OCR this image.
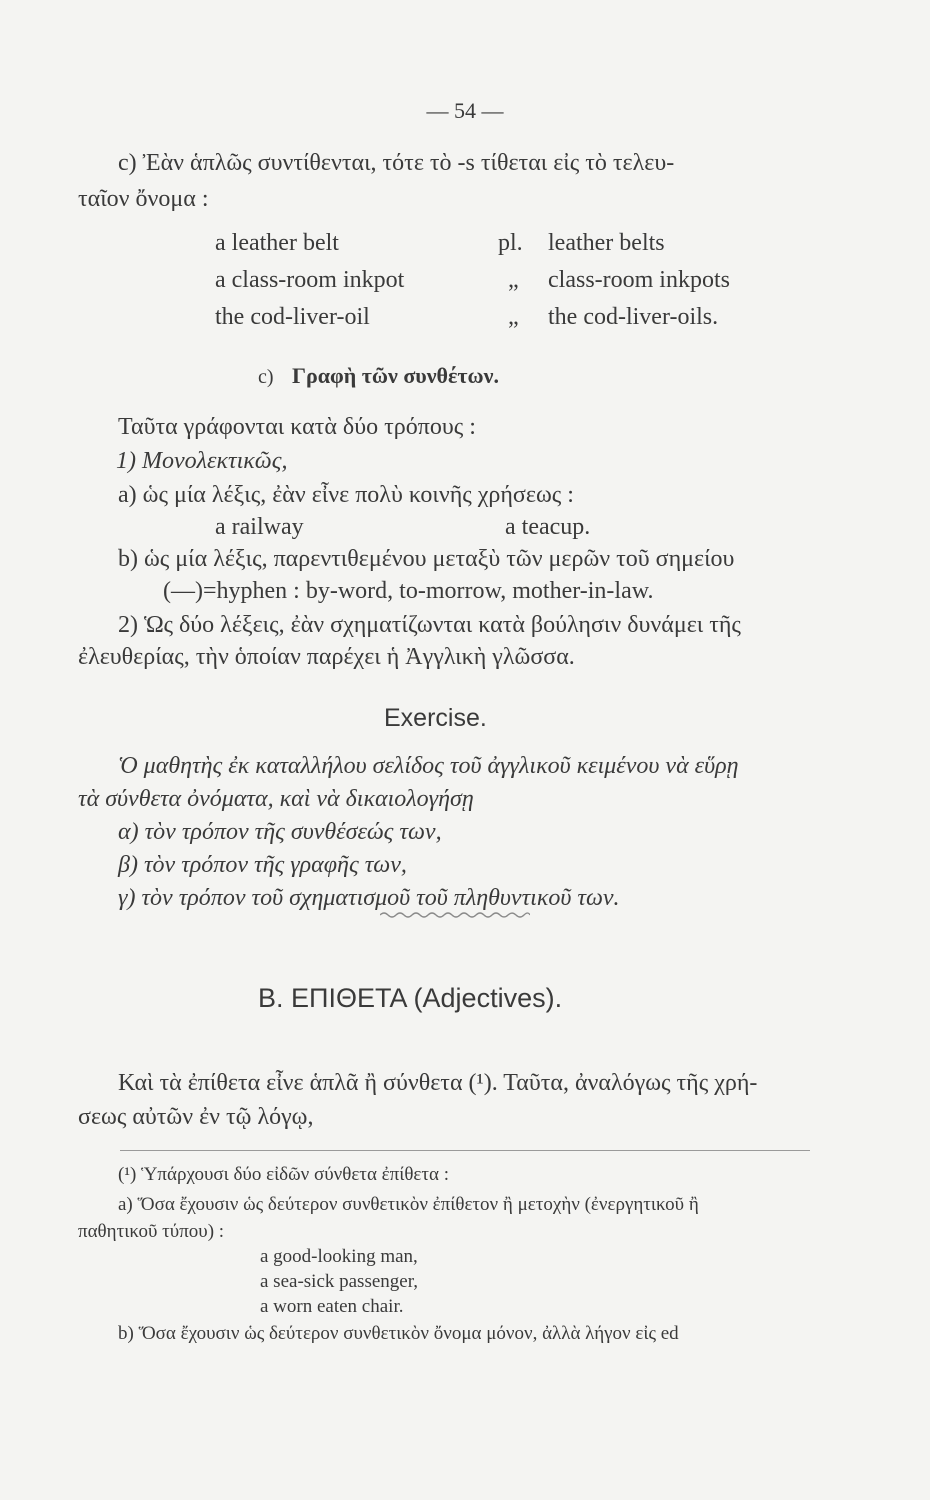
— 54 —
c) Ἐὰν ἁπλῶς συντίθενται, τότε τὸ -s τίθεται εἰς τὸ τελευ-
ταῖον ὄνομα :
a leather belt	pl. leather belts
a class-room inkpot	„ class-room inkpots
the cod-liver-oil	„ the cod-liver-oils.
c) Γραφὴ τῶν συνθέτων.
Ταῦτα γράφονται κατὰ δύο τρόπους :
1) Μονολεκτικῶς,
a) ὡς μία λέξις, ἐὰν εἶνε πολὺ κοινῆς χρήσεως :
a railway	a teacup.
b) ὡς μία λέξις, παρεντιθεμένου μεταξὺ τῶν μερῶν τοῦ σημείου
(—)=hyphen : by-word, to-morrow, mother-in-law.
2) Ὡς δύο λέξεις, ἐὰν σχηματίζωνται κατὰ βούλησιν δυνάμει τῆς
ἐλευθερίας, τὴν ὁποίαν παρέχει ἡ Ἀγγλικὴ γλῶσσα.
Exercise.
Ὁ μαθητὴς ἐκ καταλλήλου σελίδος τοῦ ἀγγλικοῦ κειμένου νὰ εὕρῃ
τὰ σύνθετα ὀνόματα, καὶ νὰ δικαιολογήσῃ
α) τὸν τρόπον τῆς συνθέσεώς των,
β) τὸν τρόπον τῆς γραφῆς των,
γ) τὸν τρόπον τοῦ σχηματισμοῦ τοῦ πληθυντικοῦ των.
Β. ΕΠΙΘΕΤΑ (Adjectives).
Καὶ τὰ ἐπίθετα εἶνε ἁπλᾶ ἢ σύνθετα (¹). Ταῦτα, ἀναλόγως τῆς χρή-
σεως αὐτῶν ἐν τῷ λόγῳ,
(¹) Ὑπάρχουσι δύο εἰδῶν σύνθετα ἐπίθετα :
a) Ὅσα ἔχουσιν ὡς δεύτερον συνθετικὸν ἐπίθετον ἢ μετοχὴν (ἐνεργητικοῦ ἢ
παθητικοῦ τύπου) :
a good-looking man,
a sea-sick passenger,
a worn eaten chair.
b) Ὅσα ἔχουσιν ὡς δεύτερον συνθετικὸν ὄνομα μόνον, ἀλλὰ λήγον εἰς ed
